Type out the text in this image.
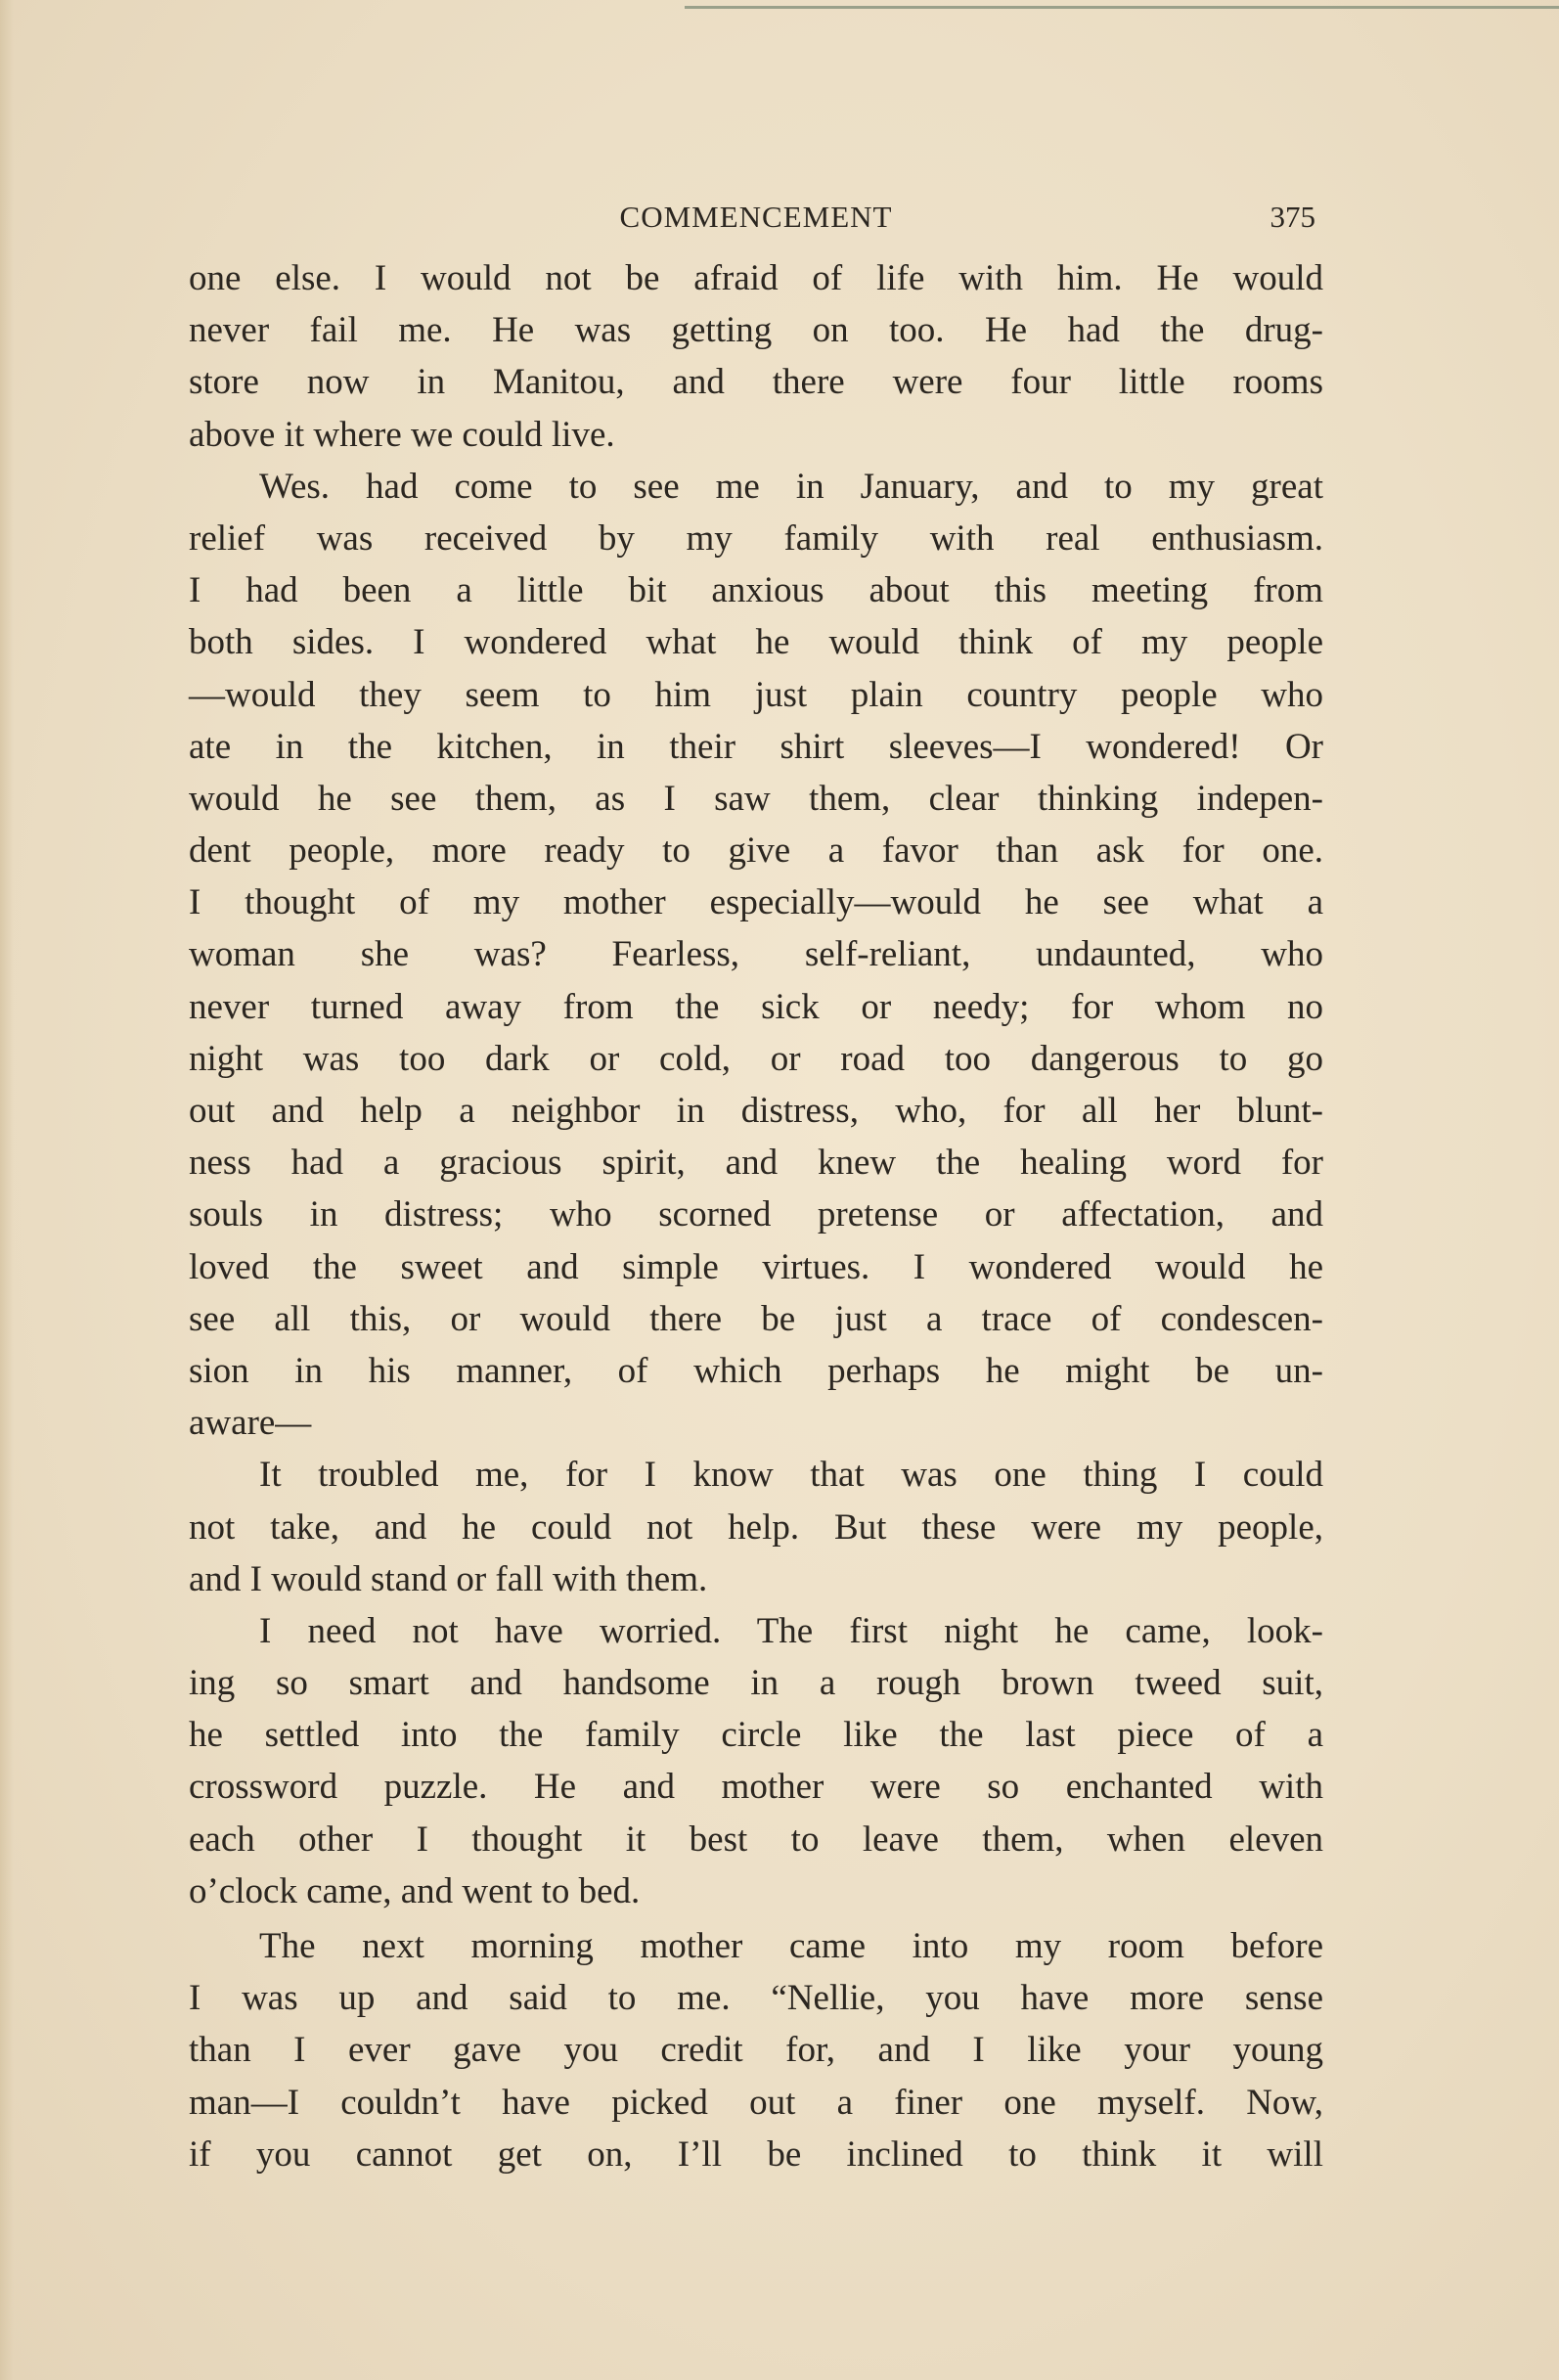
COMMENCEMENT	375
one else. I would not be afraid of life with him. He would
never fail me. He was getting on too. He had the drug-
store now in Manitou, and there were four little rooms
above it where we could live.
Wes. had come to see me in January, and to my great
relief was received by my family with real enthusiasm.
I had been a little bit anxious about this meeting from
both sides. I wondered what he would think of my people
—would they seem to him just plain country people who
ate in the kitchen, in their shirt sleeves—I wondered! Or
would he see them, as I saw them, clear thinking indepen-
dent people, more ready to give a favor than ask for one.
I thought of my mother especially—would he see what a
woman she was? Fearless, self-reliant, undaunted, who
never turned away from the sick or needy; for whom no
night was too dark or cold, or road too dangerous to go
out and help a neighbor in distress, who, for all her blunt-
ness had a gracious spirit, and knew the healing word for
souls in distress; who scorned pretense or affectation, and
loved the sweet and simple virtues. I wondered would he
see all this, or would there be just a trace of condescen-
sion in his manner, of which perhaps he might be un-
aware—
It troubled me, for I know that was one thing I could
not take, and he could not help. But these were my people,
and I would stand or fall with them.
I need not have worried. The first night he came, look-
ing so smart and handsome in a rough brown tweed suit,
he settled into the family circle like the last piece of a
crossword puzzle. He and mother were so enchanted with
each other I thought it best to leave them, when eleven
o’clock came, and went to bed.
The next morning mother came into my room before
I was up and said to me. “Nellie, you have more sense
than I ever gave you credit for, and I like your young
man—I couldn’t have picked out a finer one myself. Now,
if you cannot get on, I’ll be inclined to think it will
